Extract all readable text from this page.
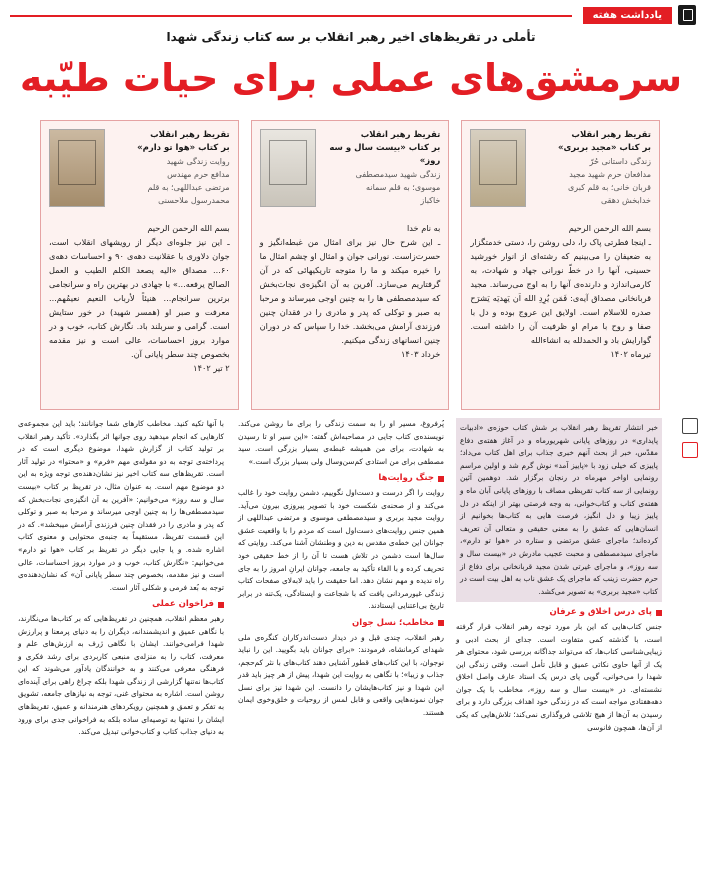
یادداشت هفته
تأملی در تقریظ‌های اخیر رهبر انقلاب بر سه کتاب زندگی شهدا
سرمشق‌های عملی برای حیات طیّبه
تقریظ رهبر انقلاب
بر کتاب «مجید بربری»
زندگی داستانی حُرّ
مدافعان حرم شهید مجید
قربان خانی؛ به قلم کبری
خدابخش دهقی

بسم الله الرحمن الرحیم

ـ اینجا فطرتی پاک را، دلی روشن را، دستی خدمتگزار به ضعیفان را می‌بینیم که رشته‌ای از انوار خورشید حسینی، آنها را در خطّ نورانی جهاد و شهادت، به کارمی‌اندازد و دارنده‌ی آنها را به اوج می‌رساند. مجید قربانخانی مصداق آیه‌ی: فَمَن یُرِدِ الله اَن یَهدیَه یَشرَح صدره للاسلام است. اولایق این عروج بوده و دل با صفا و روح با مرام او ظرفیت آن را داشته است. گوارایش باد و الحمدلله به انشاءالله

تیرماه ۱۴۰۲

تقریظ رهبر انقلاب
بر کتاب «بیست سال و سه روز»
زندگی شهید سیدمصطفی
موسوی؛ به قلم سمانه
خاکباز

به نام خدا

ـ این شرح حال نیز برای امثال من غبطه‌انگیز و حسرت‌زاست. نورانی جوان و امثال او چشم امثال ما را خیره میکند و ما را متوجه تاریکیهائی که در آن گرفتاریم می‌سازد. آفرین به آن انگیزه‌ی نجات‌بخش که سیدمصطفی ها را به چنین اوجی میرساند و مرحبا به صبر و توکلی که پدر و مادری را در فقدان چنین فرزندی آرامش می‌بخشد. خدا را سپاس که در دوران چنین انسانهای زندگی میکنیم.

خرداد ۱۴۰۳

تقریظ رهبر انقلاب
بر کتاب «هوا تو دارم»
روایت زندگی شهید
مدافع حرم مهندس
مرتضی عبداللهی؛ به قلم
محمدرسول ملاحسنی

بسم الله الرحمن الرحیم

ـ این نیز جلوه‌ای دیگر از رویشهای انقلاب است، جوان دلاوری با عقلانیت دهه‌ی ۹۰ و احساسات دهه‌ی ۶۰... مصداق «الیه یصعد الکلم الطیب و العمل الصالح یرفعه...» با جهادی در بهترین راه و سرانجامی برترین سرانجام... هنیئاً لأرباب النعیم نعیمُهم... معرفت و صبر او (همسر شهید) در خور ستایش است. گرامی و سربلند باد. نگارش کتاب، خوب و در موارد بروز احساسات، عالی است و نیز مقدمه بخصوص چند سطر پایانی آن.

۲ تیر ۱۴۰۲

خبر انتشار تقریظ رهبر انقلاب بر شش کتاب حوزه‌ی «ادبیات پایداری» در روزهای پایانی شهریورماه و در آغاز هفته‌ی دفاع مقدّس، خبر از بحث آنهم خبری جذاب برای اهل کتاب می‌داد؛ پاییزی که خیلی زود با «پاییز آمد» نوش گرم شد و اولین مراسم رونمایی اواخر مهرماه در رنجان برگزار شد. دوهمین آئین رونمایی از سه کتاب تقریظی مصاف با روزهای پایانی آبان ماه و هفته‌ی کتاب و کتاب‌خوانی، به وجه فرصتی بهتر از اینکه در دل پاییز زیبا و دل انگیز، فرصت هایی به کتاب‌ها بخوانیم از انسان‌هایی که عشق را به معنی حقیقی و متعالی آن تعریف کرده‌اند؛ ماجرای عشق مرتضی و ستاره در «هوا تو دارم»، ماجرای سیدمصطفی و محبت عجیب مادرش در «بیست سال و سه روز»، و ماجرای غیرتی شدن مجید قربانخانی برای دفاع از حرم حضرت زینب که ماجرای یک عشق ناب به اهل بیت است در کتاب «مجید بربری» به تصویر می‌کشد.

پای درس اخلاق و عرفان

جنس کتاب‌هایی که این بار مورد توجه رهبر انقلاب قرار گرفته است، با گذشته کمی متفاوت است. جدای از بحث ادبی و زیبایی‌شناسی کتاب‌ها، که می‌تواند جداگانه بررسی شود، محتوای هر یک از آنها حاوی نکاتی عمیق و قابل تأمل است. وقتی زندگی این شهدا را می‌خوانی، گویی پای درس یک استاد عارف واصل اخلاق نشسته‌ای. در «بیست سال و سه روز»، مخاطب با یک جوان دهه‌هفتادی مواجه است که در زندگی خود اهداف بزرگی دارد و برای رسیدن به آن‌ها از هیچ تلاشی فروگذاری نمی‌کند؛ تلاش‌هایی که یکی از آن‌ها، همچون فانوسی

پُرفروغ، مسیر او را به سمت زندگی را برای ما روشن می‌کند. نویسنده‌ی کتاب جایی در مصاحبه‌اش گفته: «این سیر او تا رسیدن به شهادت، برای من همیشه غبطه‌ی بسیار بزرگی است. سید مصطفی برای من استادی کم‌سن‌وسال ولی بسیار بزرگ است.»

جنگ روایت‌ها

روایت را اگر درست و دست‌اول نگوییم، دشمن روایت خود را غالب می‌کند و از صحنه‌ی شکست خود با تصویر پیروزی بیرون می‌آید. روایت مجید بربری و سیدمصطفی موسوی و مرتضی عبداللهی از همین جنس روایت‌های دست‌اول است که مردم را با واقعیت عشق جوانان این خطه‌ی مقدس به دین و وطنشان آشنا می‌کند. روایتی که سال‌ها است دشمن در تلاش هست تا آن را از خط حقیقی خود تحریف کرده و با القاء تأکید به جامعه، جوانان ایرانِ امروز را به جای راه ندیده و مهم نشان دهد. اما حقیقت را باید لابه‌لای صفحات کتاب زندگی غیورمردانی یافت که با شجاعت و ایستادگی، یک‌تنه در برابر تاریخ بی‌اعتنایی ایستادند.

مخاطب؛ نسل جوان

رهبر انقلاب، چندی قبل و در دیدار دست‌اندرکاران کنگره‌ی ملی شهدای کرمانشاه، فرمودند: «برای جوانان باید بگویید. این را نباید نوجوان، با این کتاب‌های قطور آشنایی دهند کتاب‌های با نثر کم‌حجم، جذاب و زیبا»؛ با نگاهی به روایت این شهدا، پیش از هر چیز باید قدر این شهدا و نیز کتاب‌هایشان را دانست. این شهدا نیز برای نسل جوان نمونه‌هایی واقعی و قابل لمس از روحیات و خلق‌وخوی ایمان هستند.

با آنها تکیه کنید. مخاطب کارهای شما جوانانند؛ باید این مجموعه‌ی کارهایی که انجام میدهید روی جوانها اثر بگذارد». تأکید رهبر انقلاب بر تولید کتاب از گزارش شهدا، موضوع دیگری است که در پرداخته‌ی توجه به دو مقوله‌ی مهم «فرم» و «محتوا» در تولید آثار است. تقریظ‌های سه کتاب اخیر نیز نشان‌دهنده‌ی توجه ویژه به این دو موضوع مهم است. به عنوان مثال، در تقریظ بر کتاب «بیست سال و سه روز» می‌خوانیم: «آفرین به آن انگیزه‌ی نجات‌بخش که سیدمصطفی‌ها را به چنین اوجی میرساند و مرحبا به صبر و توکلی که پدر و مادری را در فقدان چنین فرزندی آرامش میبخشد». که در این قسمت تقریظ، مستقیماً به جنبه‌ی محتوایی و معنوی کتاب اشاره شده. و یا جایی دیگر در تقریظ بر کتاب «هوا تو دارم» می‌خوانیم: «نگارش کتاب، خوب و در موارد بروز احساسات، عالی است و نیز مقدمه، بخصوص چند سطر پایانی آن» که نشان‌دهنده‌ی توجه به بُعد فرمی و شکلی آثار است.

فراخوان عملی

رهبر معظم انقلاب، همچنین در تقریظ‌هایی که بر کتاب‌ها می‌نگارند، با نگاهی عمیق و اندیشمندانه، دیگران را به دنیای پرمعنا و پرارزش شهدا فرامی‌خوانند. ایشان با نگاهی ژرف به ارزش‌های علم و معرفت، کتاب را به منزله‌ی منبعی کاربردی برای رشد فکری و فرهنگی معرفی می‌کنند و به خوانندگان یادآور می‌شوند که این کتاب‌ها نه‌تنها گزارشی از زندگی شهدا بلکه چراغ راهی برای آینده‌ای روشن است. اشاره به محتوای غنی، توجه به نیازهای جامعه، تشویق به تفکر و تعمق و همچنین رویکردهای هنرمندانه و عمیق، تقریظ‌های ایشان را نه‌تنها به توصیه‌ای ساده بلکه به فراخوانی جدی برای ورود به دنیای جذاب کتاب و کتاب‌خوانی تبدیل می‌کند.
